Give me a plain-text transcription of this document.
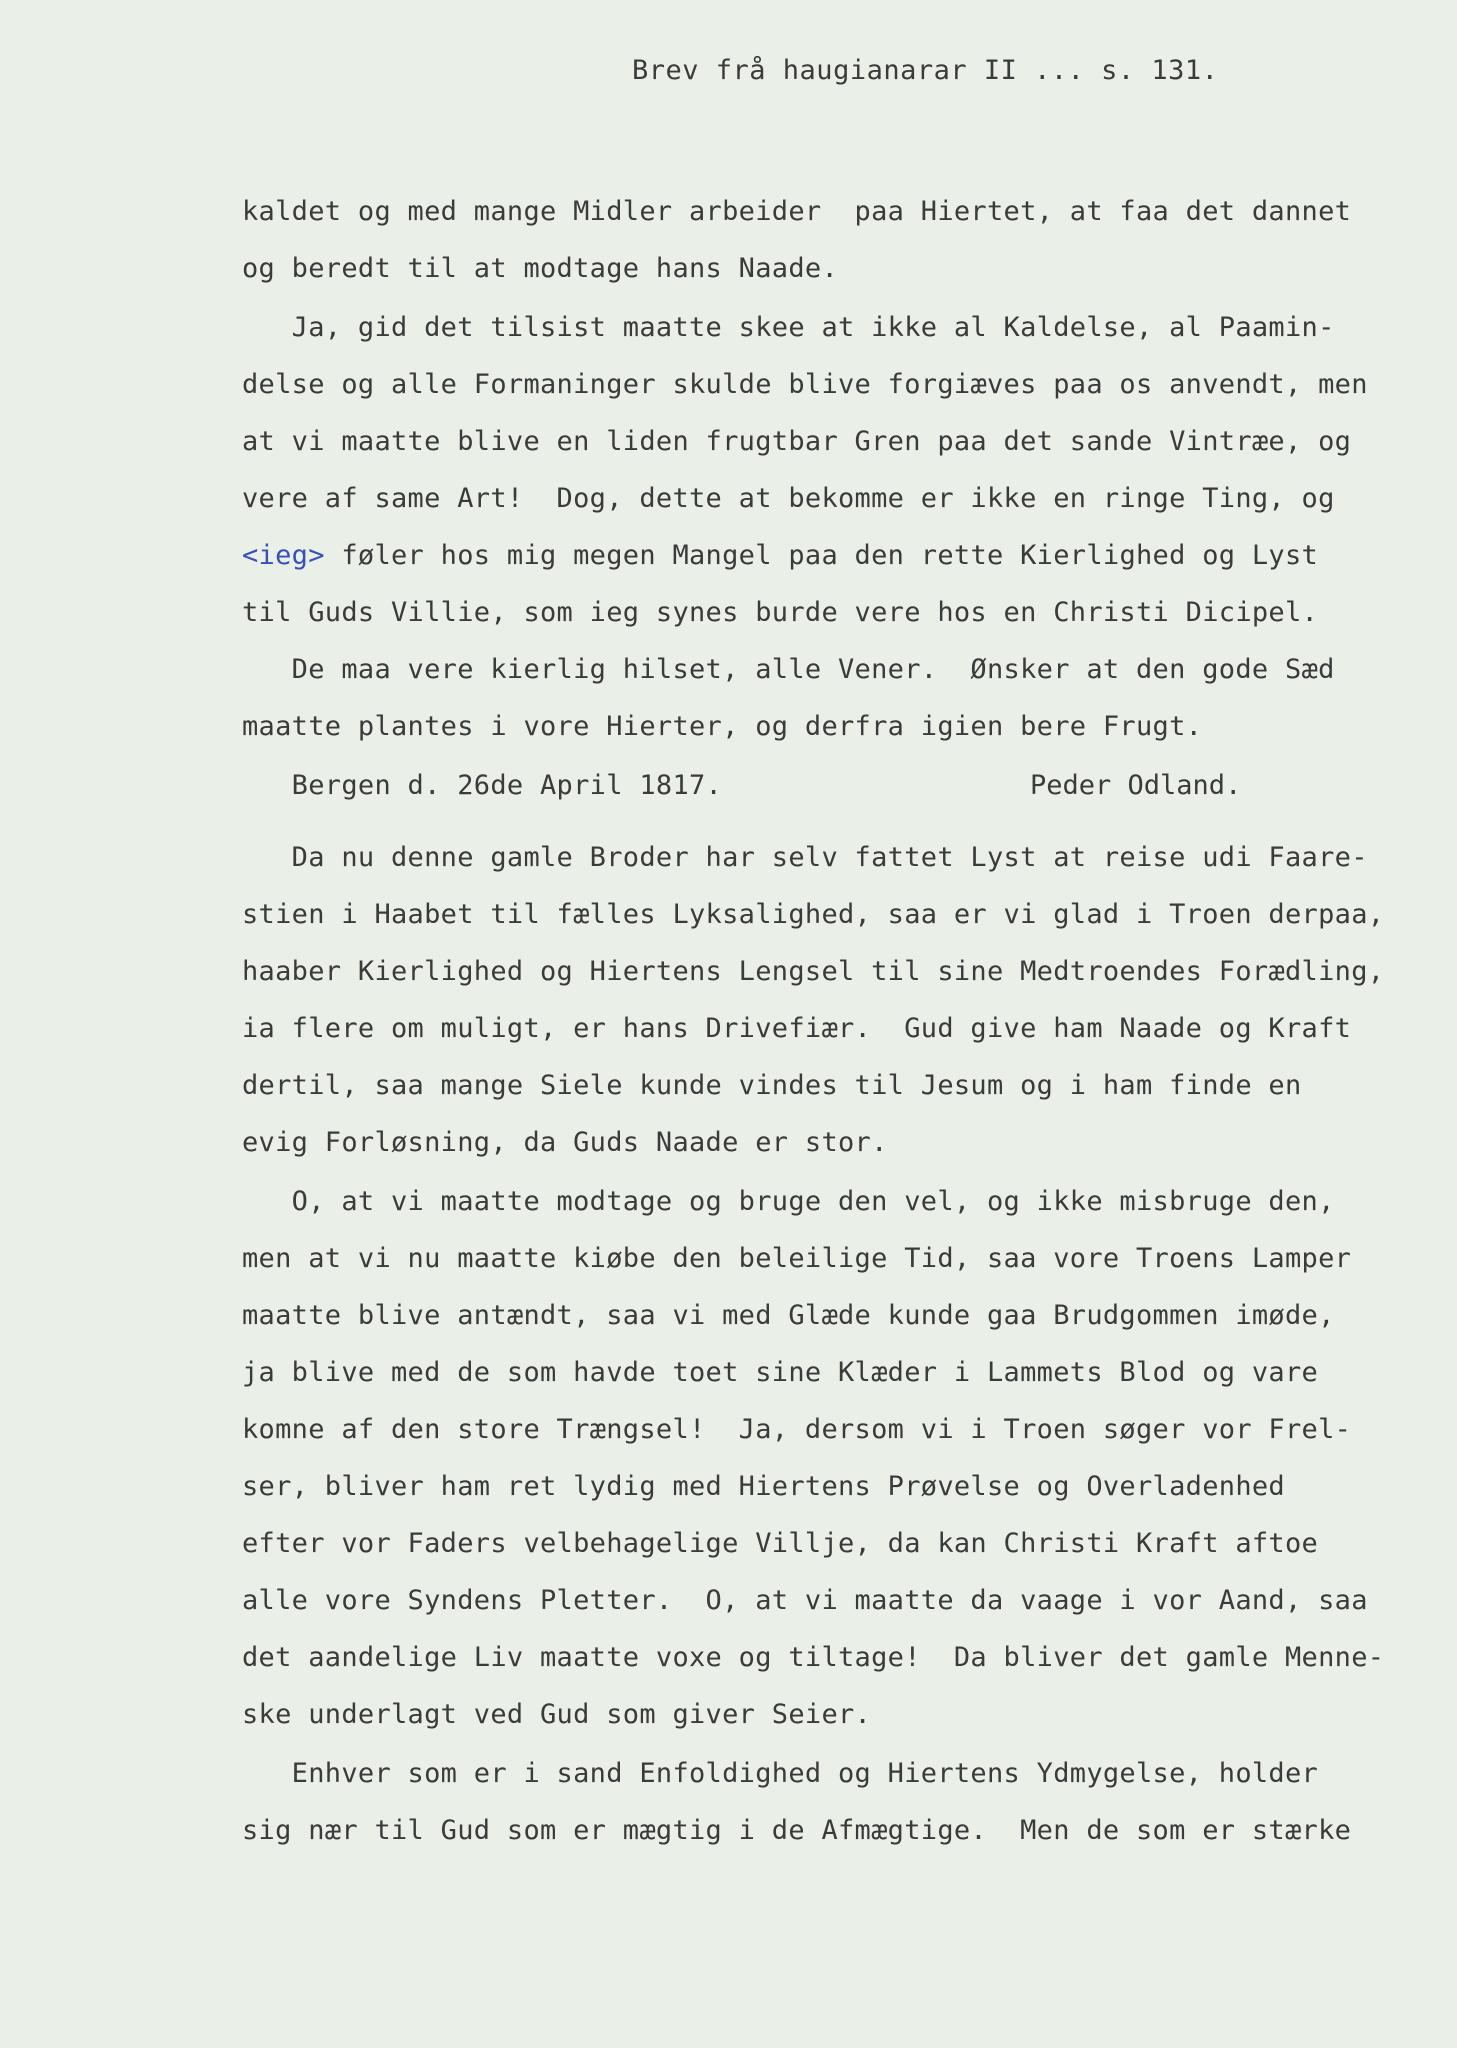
Brev frå haugianarar II ... s. 131.
kaldet og med mange Midler arbeider  paa Hiertet, at faa det dannet
og beredt til at modtage hans Naade.
Ja, gid det tilsist maatte skee at ikke al Kaldelse, al Paamin-
delse og alle Formaninger skulde blive forgiæves paa os anvendt, men
at vi maatte blive en liden frugtbar Gren paa det sande Vintræe, og
vere af same Art!  Dog, dette at bekomme er ikke en ringe Ting, og
<ieg> føler hos mig megen Mangel paa den rette Kierlighed og Lyst
til Guds Villie, som ieg synes burde vere hos en Christi Dicipel.
De maa vere kierlig hilset, alle Vener.  Ønsker at den gode Sæd
maatte plantes i vore Hierter, og derfra igien bere Frugt.
Bergen d. 26de April 1817.	Peder Odland.
Da nu denne gamle Broder har selv fattet Lyst at reise udi Faare-
stien i Haabet til fælles Lyksalighed, saa er vi glad i Troen derpaa,
haaber Kierlighed og Hiertens Lengsel til sine Medtroendes Forædling,
ia flere om muligt, er hans Drivefiær.  Gud give ham Naade og Kraft
dertil, saa mange Siele kunde vindes til Jesum og i ham finde en
evig Forløsning, da Guds Naade er stor.
O, at vi maatte modtage og bruge den vel, og ikke misbruge den,
men at vi nu maatte kiøbe den beleilige Tid, saa vore Troens Lamper
maatte blive antændt, saa vi med Glæde kunde gaa Brudgommen imøde,
ja blive med de som havde toet sine Klæder i Lammets Blod og vare
komne af den store Trængsel!  Ja, dersom vi i Troen søger vor Frel-
ser, bliver ham ret lydig med Hiertens Prøvelse og Overladenhed
efter vor Faders velbehagelige Villje, da kan Christi Kraft aftoe
alle vore Syndens Pletter.  O, at vi maatte da vaage i vor Aand, saa
det aandelige Liv maatte voxe og tiltage!  Da bliver det gamle Menne-
ske underlagt ved Gud som giver Seier.
Enhver som er i sand Enfoldighed og Hiertens Ydmygelse, holder
sig nær til Gud som er mægtig i de Afmægtige.  Men de som er stærke
